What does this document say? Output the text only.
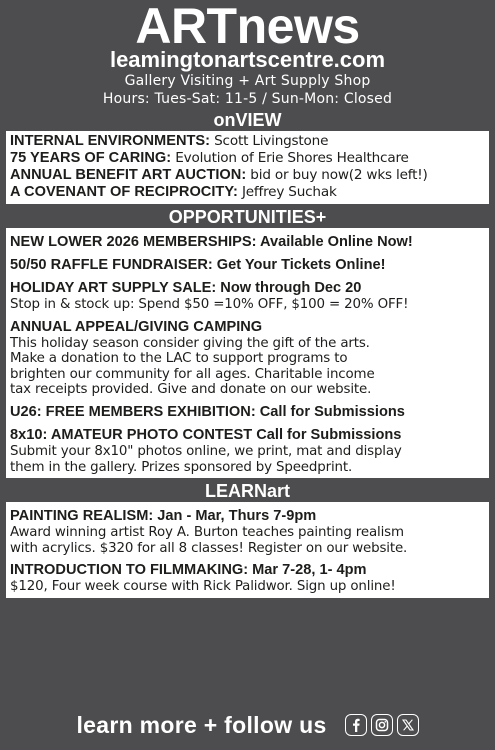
ARTnews
leamingtonartscentre.com
Gallery Visiting + Art Supply Shop
Hours: Tues-Sat: 11-5 / Sun-Mon: Closed
onVIEW
INTERNAL ENVIRONMENTS: Scott Livingstone
75 YEARS OF CARING: Evolution of Erie Shores Healthcare
ANNUAL BENEFIT ART AUCTION: bid or buy now(2 wks left!)
A COVENANT OF RECIPROCITY: Jeffrey Suchak
OPPORTUNITIES+
NEW LOWER 2026 MEMBERSHIPS: Available Online Now!
50/50 RAFFLE FUNDRAISER: Get Your Tickets Online!
HOLIDAY ART SUPPLY SALE: Now through Dec 20
Stop in & stock up: Spend $50 =10% OFF, $100 = 20% OFF!
ANNUAL APPEAL/GIVING CAMPING
This holiday season consider giving the gift of the arts.
Make a donation to the LAC to support programs to
brighten our community for all ages. Charitable income
tax receipts provided. Give and donate on our website.
U26: FREE MEMBERS EXHIBITION: Call for Submissions
8x10: AMATEUR PHOTO CONTEST Call for Submissions
Submit your 8x10" photos online, we print, mat and display
them in the gallery. Prizes sponsored by Speedprint.
LEARNart
PAINTING REALISM: Jan - Mar, Thurs 7-9pm
Award winning artist Roy A. Burton teaches painting realism
with acrylics. $320 for all 8 classes! Register on our website.
INTRODUCTION TO FILMMAKING: Mar 7-28, 1- 4pm
$120, Four week course with Rick Palidwor. Sign up online!
learn more + follow us
